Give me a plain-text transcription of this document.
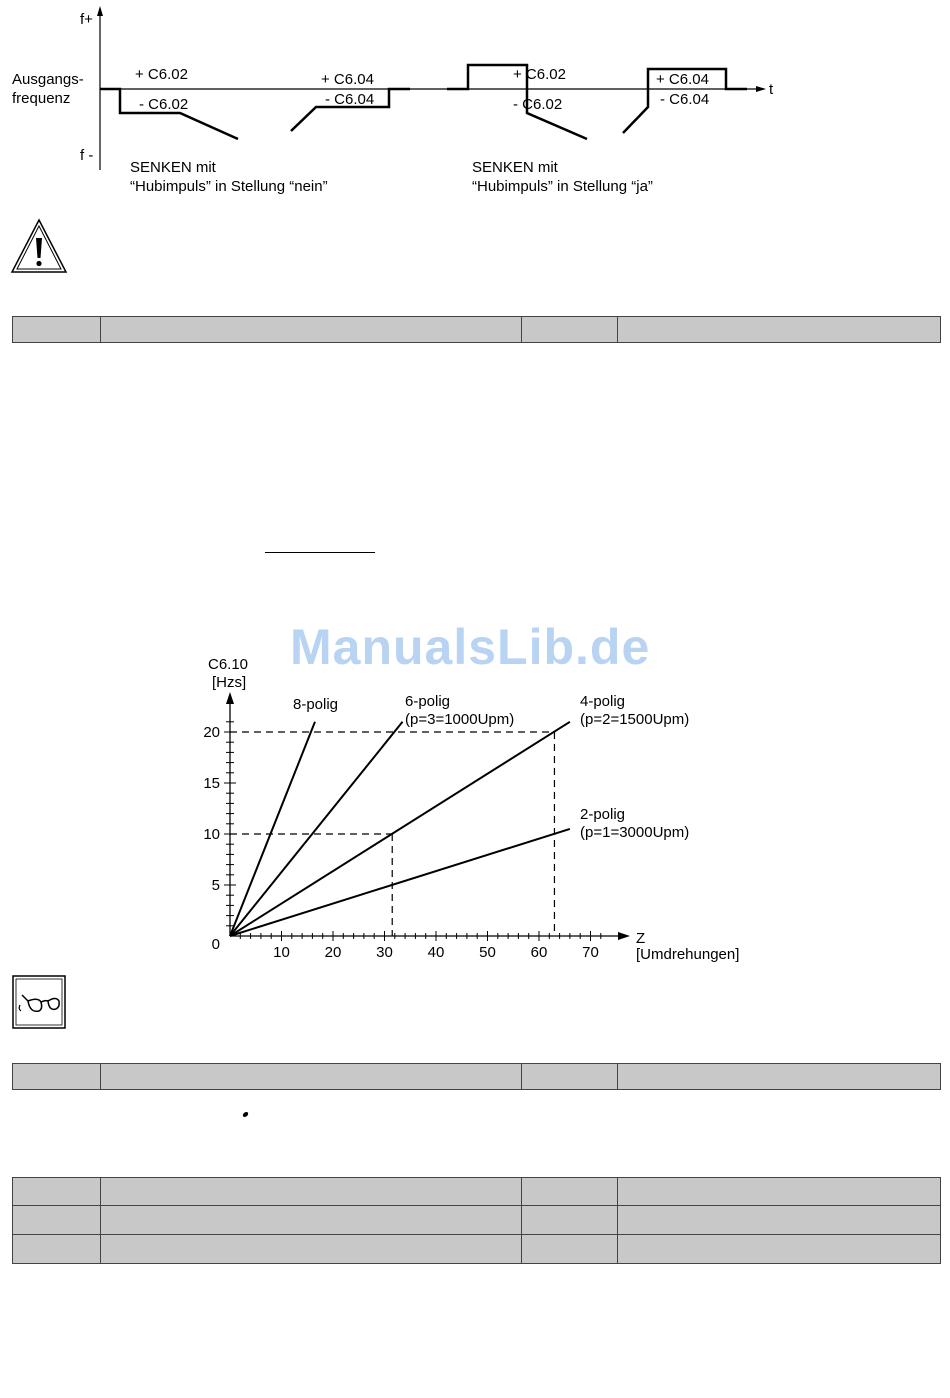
f+
f -
Ausgangs-
frequenz
t
+ C6.02
- C6.02
+ C6.04
- C6.04
+ C6.02
- C6.02
+ C6.04
- C6.04
SENKEN mit
“Hubimpuls” in Stellung “nein”
SENKEN mit
“Hubimpuls” in Stellung “ja”
ManualsLib.de
5
10
15
20
10 20 30 40 50 60 70
0
C6.10
[Hzs]
Z
[Umdrehungen]
8-polig	6-polig
(p=3=1000Upm)
4-polig
(p=2=1500Upm)
2-polig
(p=1=3000Upm)
